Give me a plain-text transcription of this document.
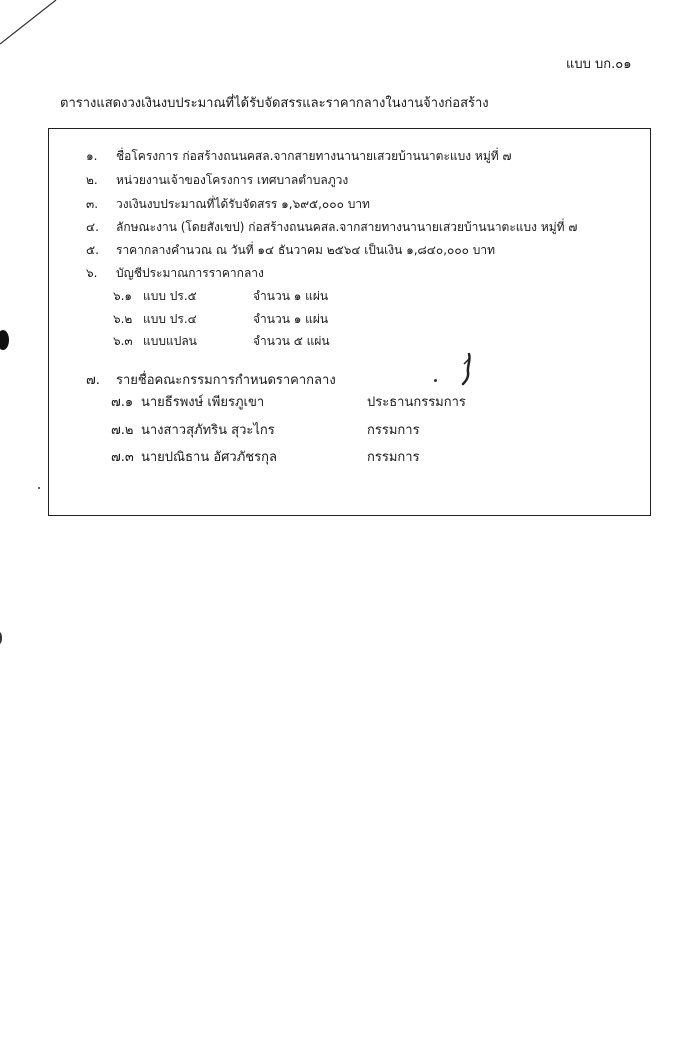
แบบ บก.๐๑
ตารางแสดงวงเงินงบประมาณที่ได้รับจัดสรรและราคากลางในงานจ้างก่อสร้าง
๑. ชื่อโครงการ ก่อสร้างถนนคสล.จากสายทางนานายเสวยบ้านนาตะแบง หมู่ที่ ๗
๒. หน่วยงานเจ้าของโครงการ เทศบาลตำบลภูวง
๓. วงเงินงบประมาณที่ได้รับจัดสรร ๑,๖๙๕,๐๐๐ บาท
๔. ลักษณะงาน (โดยสังเขป) ก่อสร้างถนนคสล.จากสายทางนานายเสวยบ้านนาตะแบง หมู่ที่ ๗
๕. ราคากลางคำนวณ ณ วันที่ ๑๔ ธันวาคม ๒๕๖๔ เป็นเงิน ๑,๘๔๐,๐๐๐ บาท
๖. บัญชีประมาณการราคากลาง
๖.๑ แบบ ปร.๕	จำนวน ๑ แผ่น
๖.๒ แบบ ปร.๔	จำนวน ๑ แผ่น
๖.๓ แบบแปลน	จำนวน ๕ แผ่น
๗. รายชื่อคณะกรรมการกำหนดราคากลาง
๗.๑ นายธีรพงษ์ เพียรภูเขา	ประธานกรรมการ
๗.๒ นางสาวสุภัทริน สุวะไกร	กรรมการ
๗.๓ นายปณิธาน อัศวภัชรกุล	กรรมการ
